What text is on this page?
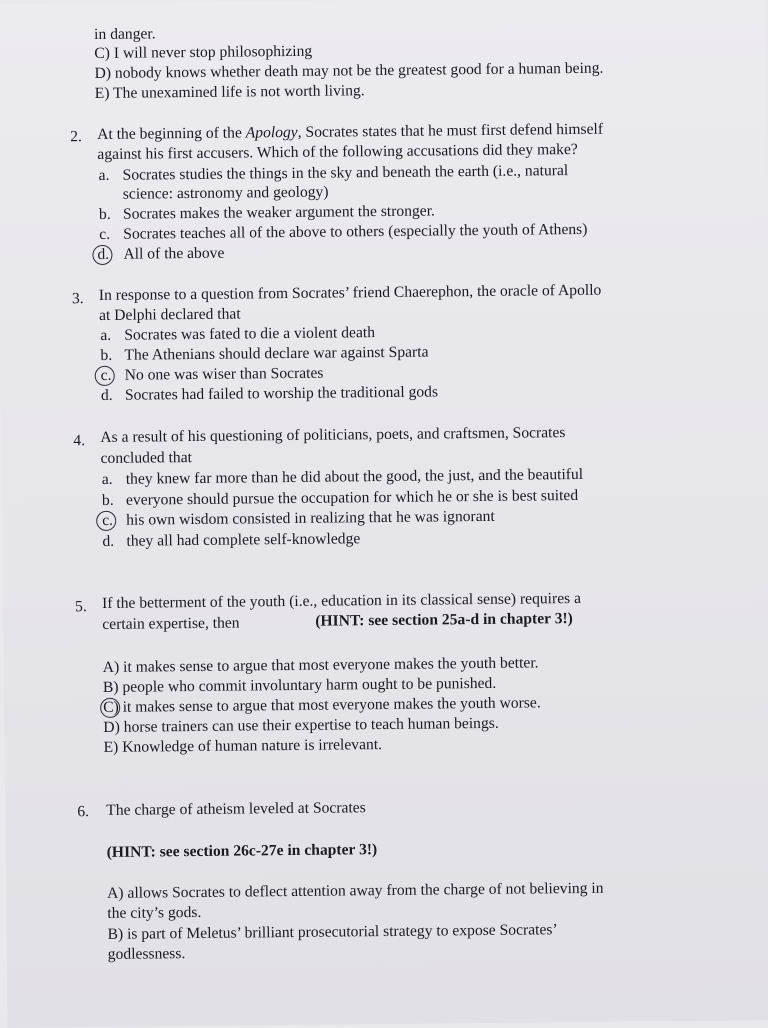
in danger.
C) I will never stop philosophizing
D) nobody knows whether death may not be the greatest good for a human being.
E) The unexamined life is not worth living.
2. At the beginning of the Apology, Socrates states that he must first defend himself
against his first accusers. Which of the following accusations did they make?
a. Socrates studies the things in the sky and beneath the earth (i.e., natural
science: astronomy and geology)
b. Socrates makes the weaker argument the stronger.
c. Socrates teaches all of the above to others (especially the youth of Athens)
d. All of the above
3. In response to a question from Socrates’ friend Chaerephon, the oracle of Apollo
at Delphi declared that
a. Socrates was fated to die a violent death
b. The Athenians should declare war against Sparta
c. No one was wiser than Socrates
d. Socrates had failed to worship the traditional gods
4. As a result of his questioning of politicians, poets, and craftsmen, Socrates
concluded that
a. they knew far more than he did about the good, the just, and the beautiful
b. everyone should pursue the occupation for which he or she is best suited
c. his own wisdom consisted in realizing that he was ignorant
d. they all had complete self-knowledge
5. If the betterment of the youth (i.e., education in its classical sense) requires a
certain expertise, then	(HINT: see section 25a-d in chapter 3!)
A) it makes sense to argue that most everyone makes the youth better.
B) people who commit involuntary harm ought to be punished.
C) it makes sense to argue that most everyone makes the youth worse.
D) horse trainers can use their expertise to teach human beings.
E) Knowledge of human nature is irrelevant.
6. The charge of atheism leveled at Socrates
(HINT: see section 26c-27e in chapter 3!)
A) allows Socrates to deflect attention away from the charge of not believing in
the city’s gods.
B) is part of Meletus’ brilliant prosecutorial strategy to expose Socrates’
godlessness.
